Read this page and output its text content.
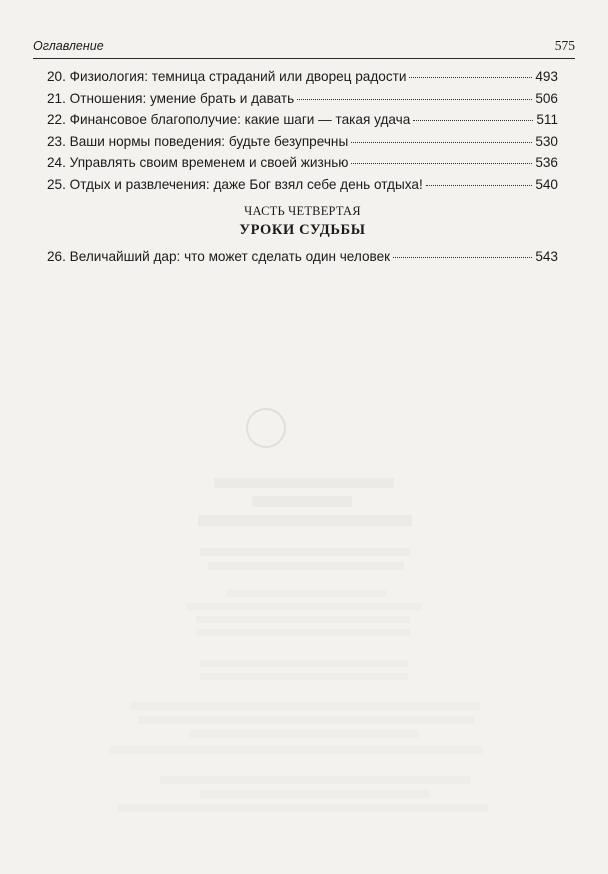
Оглавление	575
20. Физиология: темница страданий или дворец радости	493
21. Отношения: умение брать и давать	506
22. Финансовое благополучие: какие шаги — такая удача	511
23. Ваши нормы поведения: будьте безупречны	530
24. Управлять своим временем и своей жизнью	536
25. Отдых и развлечения: даже Бог взял себе день отдыха!	540
ЧАСТЬ ЧЕТВЕРТАЯ
УРОКИ СУДЬБЫ
26. Величайший дар: что может сделать один человек	543
